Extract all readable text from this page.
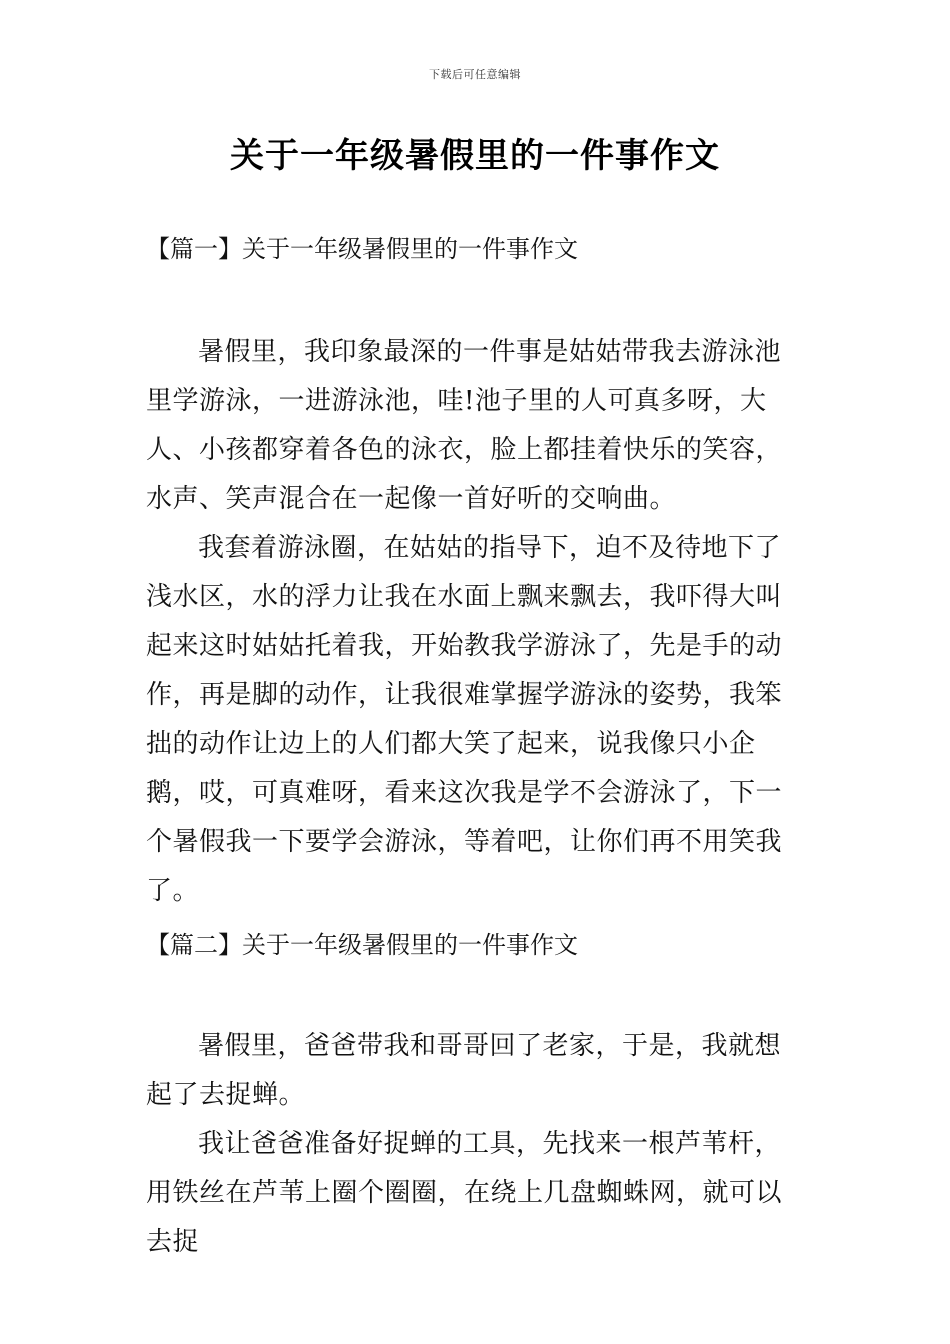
下载后可任意编辑
关于一年级暑假里的一件事作文
【篇一】关于一年级暑假里的一件事作文

暑假里，我印象最深的一件事是姑姑带我去游泳池里学游泳，一进游泳池，哇!池子里的人可真多呀，大人、小孩都穿着各色的泳衣，脸上都挂着快乐的笑容，水声、笑声混合在一起像一首好听的交响曲。

我套着游泳圈，在姑姑的指导下，迫不及待地下了浅水区，水的浮力让我在水面上飘来飘去，我吓得大叫起来这时姑姑托着我，开始教我学游泳了，先是手的动作，再是脚的动作，让我很难掌握学游泳的姿势，我笨拙的动作让边上的人们都大笑了起来，说我像只小企鹅，哎，可真难呀，看来这次我是学不会游泳了，下一个暑假我一下要学会游泳，等着吧，让你们再不用笑我了。

【篇二】关于一年级暑假里的一件事作文

暑假里，爸爸带我和哥哥回了老家，于是，我就想起了去捉蝉。

我让爸爸准备好捉蝉的工具，先找来一根芦苇杆，用铁丝在芦苇上圈个圈圈，在绕上几盘蜘蛛网，就可以去捉
